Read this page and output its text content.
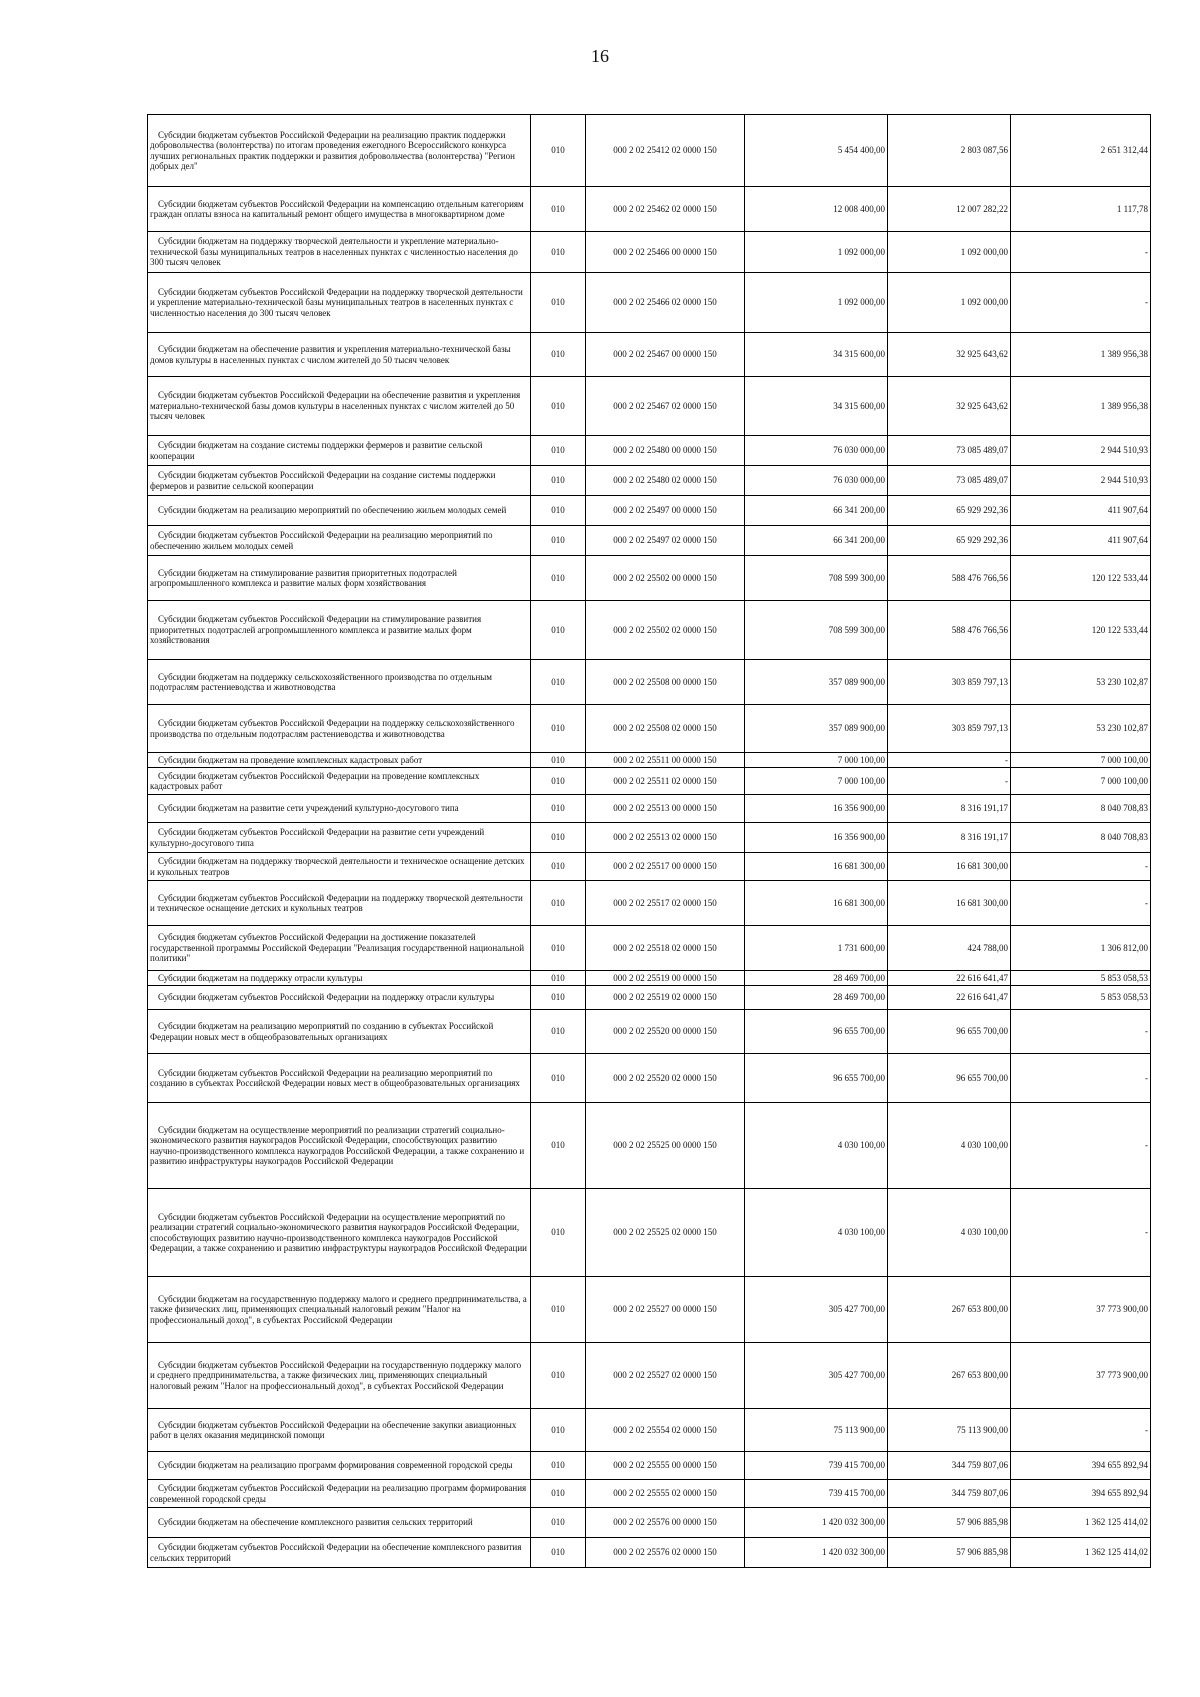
16
Субсидии бюджетам субъектов Российской Федерации на реализацию практик поддержки добровольчества (волонтерства) по итогам проведения ежегодного Всероссийского конкурса лучших региональных практик поддержки и развития добровольчества (волонтерства) "Регион добрых дел"	010	000 2 02 25412 02 0000 150	5 454 400,00	2 803 087,56	2 651 312,44
Субсидии бюджетам субъектов Российской Федерации на компенсацию отдельным категориям граждан оплаты взноса на капитальный ремонт общего имущества в многоквартирном доме	010	000 2 02 25462 02 0000 150	12 008 400,00	12 007 282,22	1 117,78
Субсидии бюджетам на поддержку творческой деятельности и укрепление материально-технической базы муниципальных театров в населенных пунктах с численностью населения до 300 тысяч человек	010	000 2 02 25466 00 0000 150	1 092 000,00	1 092 000,00	-
Субсидии бюджетам субъектов Российской Федерации на поддержку творческой деятельности и укрепление материально-технической базы муниципальных театров в населенных пунктах с численностью населения до 300 тысяч человек	010	000 2 02 25466 02 0000 150	1 092 000,00	1 092 000,00	-
Субсидии бюджетам на обеспечение развития и укрепления материально-технической базы домов культуры в населенных пунктах с числом жителей до 50 тысяч человек	010	000 2 02 25467 00 0000 150	34 315 600,00	32 925 643,62	1 389 956,38
Субсидии бюджетам субъектов Российской Федерации на обеспечение развития и укрепления материально-технической базы домов культуры в населенных пунктах с числом жителей до 50 тысяч человек	010	000 2 02 25467 02 0000 150	34 315 600,00	32 925 643,62	1 389 956,38
Субсидии бюджетам на создание системы поддержки фермеров и развитие сельской кооперации	010	000 2 02 25480 00 0000 150	76 030 000,00	73 085 489,07	2 944 510,93
Субсидии бюджетам субъектов Российской Федерации на создание системы поддержки фермеров и развитие сельской кооперации	010	000 2 02 25480 02 0000 150	76 030 000,00	73 085 489,07	2 944 510,93
Субсидии бюджетам на реализацию мероприятий по обеспечению жильем молодых семей	010	000 2 02 25497 00 0000 150	66 341 200,00	65 929 292,36	411 907,64
Субсидии бюджетам субъектов Российской Федерации на реализацию мероприятий по обеспечению жильем молодых семей	010	000 2 02 25497 02 0000 150	66 341 200,00	65 929 292,36	411 907,64
Субсидии бюджетам на стимулирование развития приоритетных подотраслей агропромышленного комплекса и развитие малых форм хозяйствования	010	000 2 02 25502 00 0000 150	708 599 300,00	588 476 766,56	120 122 533,44
Субсидии бюджетам субъектов Российской Федерации на стимулирование развития приоритетных подотраслей агропромышленного комплекса и развитие малых форм хозяйствования	010	000 2 02 25502 02 0000 150	708 599 300,00	588 476 766,56	120 122 533,44
Субсидии бюджетам на поддержку сельскохозяйственного производства по отдельным подотраслям растениеводства и животноводства	010	000 2 02 25508 00 0000 150	357 089 900,00	303 859 797,13	53 230 102,87
Субсидии бюджетам субъектов Российской Федерации на поддержку сельскохозяйственного производства по отдельным подотраслям растениеводства и животноводства	010	000 2 02 25508 02 0000 150	357 089 900,00	303 859 797,13	53 230 102,87
Субсидии бюджетам на проведение комплексных кадастровых работ	010	000 2 02 25511 00 0000 150	7 000 100,00	-	7 000 100,00
Субсидии бюджетам субъектов Российской Федерации на проведение комплексных кадастровых работ	010	000 2 02 25511 02 0000 150	7 000 100,00	-	7 000 100,00
Субсидии бюджетам на развитие сети учреждений культурно-досугового типа	010	000 2 02 25513 00 0000 150	16 356 900,00	8 316 191,17	8 040 708,83
Субсидии бюджетам субъектов Российской Федерации на развитие сети учреждений культурно-досугового типа	010	000 2 02 25513 02 0000 150	16 356 900,00	8 316 191,17	8 040 708,83
Субсидии бюджетам на поддержку творческой деятельности и техническое оснащение детских и кукольных театров	010	000 2 02 25517 00 0000 150	16 681 300,00	16 681 300,00	-
Субсидии бюджетам субъектов Российской Федерации на поддержку творческой деятельности и техническое оснащение детских и кукольных театров	010	000 2 02 25517 02 0000 150	16 681 300,00	16 681 300,00	-
Субсидия бюджетам субъектов Российской Федерации на достижение показателей государственной программы Российской Федерации "Реализация государственной национальной политики"	010	000 2 02 25518 02 0000 150	1 731 600,00	424 788,00	1 306 812,00
Субсидии бюджетам на поддержку отрасли культуры	010	000 2 02 25519 00 0000 150	28 469 700,00	22 616 641,47	5 853 058,53
Субсидии бюджетам субъектов Российской Федерации на поддержку отрасли культуры	010	000 2 02 25519 02 0000 150	28 469 700,00	22 616 641,47	5 853 058,53
Субсидии бюджетам на реализацию мероприятий по созданию в субъектах Российской Федерации новых мест в общеобразовательных организациях	010	000 2 02 25520 00 0000 150	96 655 700,00	96 655 700,00	-
Субсидии бюджетам субъектов Российской Федерации на реализацию мероприятий по созданию в субъектах Российской Федерации новых мест в общеобразовательных организациях	010	000 2 02 25520 02 0000 150	96 655 700,00	96 655 700,00	-
Субсидии бюджетам на осуществление мероприятий по реализации стратегий социально-экономического развития наукоградов Российской Федерации, способствующих развитию научно-производственного комплекса наукоградов Российской Федерации, а также сохранению и развитию инфраструктуры наукоградов Российской Федерации	010	000 2 02 25525 00 0000 150	4 030 100,00	4 030 100,00	-
Субсидии бюджетам субъектов Российской Федерации на осуществление мероприятий по реализации стратегий социально-экономического развития наукоградов Российской Федерации, способствующих развитию научно-производственного комплекса наукоградов Российской Федерации, а также сохранению и развитию инфраструктуры наукоградов Российской Федерации	010	000 2 02 25525 02 0000 150	4 030 100,00	4 030 100,00	-
Субсидии бюджетам на государственную поддержку малого и среднего предпринимательства, а также физических лиц, применяющих специальный налоговый режим "Налог на профессиональный доход", в субъектах Российской Федерации	010	000 2 02 25527 00 0000 150	305 427 700,00	267 653 800,00	37 773 900,00
Субсидии бюджетам субъектов Российской Федерации на государственную поддержку малого и среднего предпринимательства, а также физических лиц, применяющих специальный налоговый режим "Налог на профессиональный доход", в субъектах Российской Федерации	010	000 2 02 25527 02 0000 150	305 427 700,00	267 653 800,00	37 773 900,00
Субсидии бюджетам субъектов Российской Федерации на обеспечение закупки авиационных работ в целях оказания медицинской помощи	010	000 2 02 25554 02 0000 150	75 113 900,00	75 113 900,00	-
Субсидии бюджетам на реализацию программ формирования современной городской среды	010	000 2 02 25555 00 0000 150	739 415 700,00	344 759 807,06	394 655 892,94
Субсидии бюджетам субъектов Российской Федерации на реализацию программ формирования современной городской среды	010	000 2 02 25555 02 0000 150	739 415 700,00	344 759 807,06	394 655 892,94
Субсидии бюджетам на обеспечение комплексного развития сельских территорий	010	000 2 02 25576 00 0000 150	1 420 032 300,00	57 906 885,98	1 362 125 414,02
Субсидии бюджетам субъектов Российской Федерации на обеспечение комплексного развития сельских территорий	010	000 2 02 25576 02 0000 150	1 420 032 300,00	57 906 885,98	1 362 125 414,02
